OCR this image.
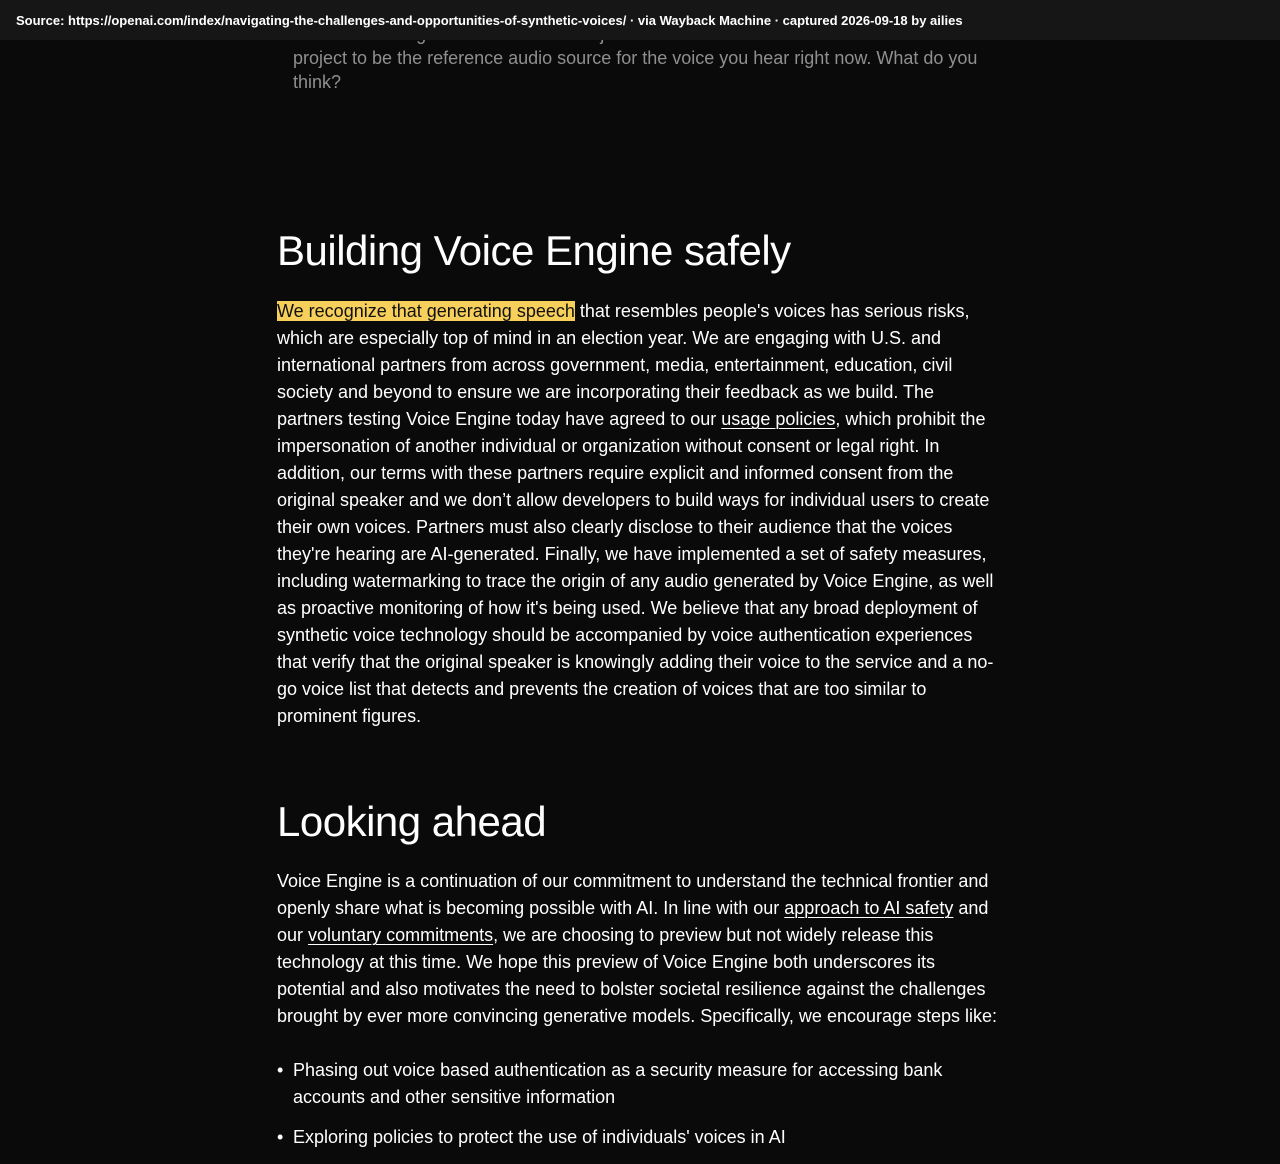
Source: https://openai.com/index/navigating-the-challenges-and-opportunities-of-synthetic-voices/ · via Wayback Machine · captured 2026-09-18 by ailies

project to be the reference audio source for the voice you hear right now. What do you think?

Building Voice Engine safely

We recognize that generating speech that resembles people's voices has serious risks, which are especially top of mind in an election year. We are engaging with U.S. and international partners from across government, media, entertainment, education, civil society and beyond to ensure we are incorporating their feedback as we build. The partners testing Voice Engine today have agreed to our usage policies, which prohibit the impersonation of another individual or organization without consent or legal right. In addition, our terms with these partners require explicit and informed consent from the original speaker and we don’t allow developers to build ways for individual users to create their own voices. Partners must also clearly disclose to their audience that the voices they're hearing are AI-generated. Finally, we have implemented a set of safety measures, including watermarking to trace the origin of any audio generated by Voice Engine, as well as proactive monitoring of how it's being used. We believe that any broad deployment of synthetic voice technology should be accompanied by voice authentication experiences that verify that the original speaker is knowingly adding their voice to the service and a no-go voice list that detects and prevents the creation of voices that are too similar to prominent figures.

Looking ahead

Voice Engine is a continuation of our commitment to understand the technical frontier and openly share what is becoming possible with AI. In line with our approach to AI safety and our voluntary commitments, we are choosing to preview but not widely release this technology at this time. We hope this preview of Voice Engine both underscores its potential and also motivates the need to bolster societal resilience against the challenges brought by ever more convincing generative models. Specifically, we encourage steps like:

• Phasing out voice based authentication as a security measure for accessing bank accounts and other sensitive information
• Exploring policies to protect the use of individuals' voices in AI
